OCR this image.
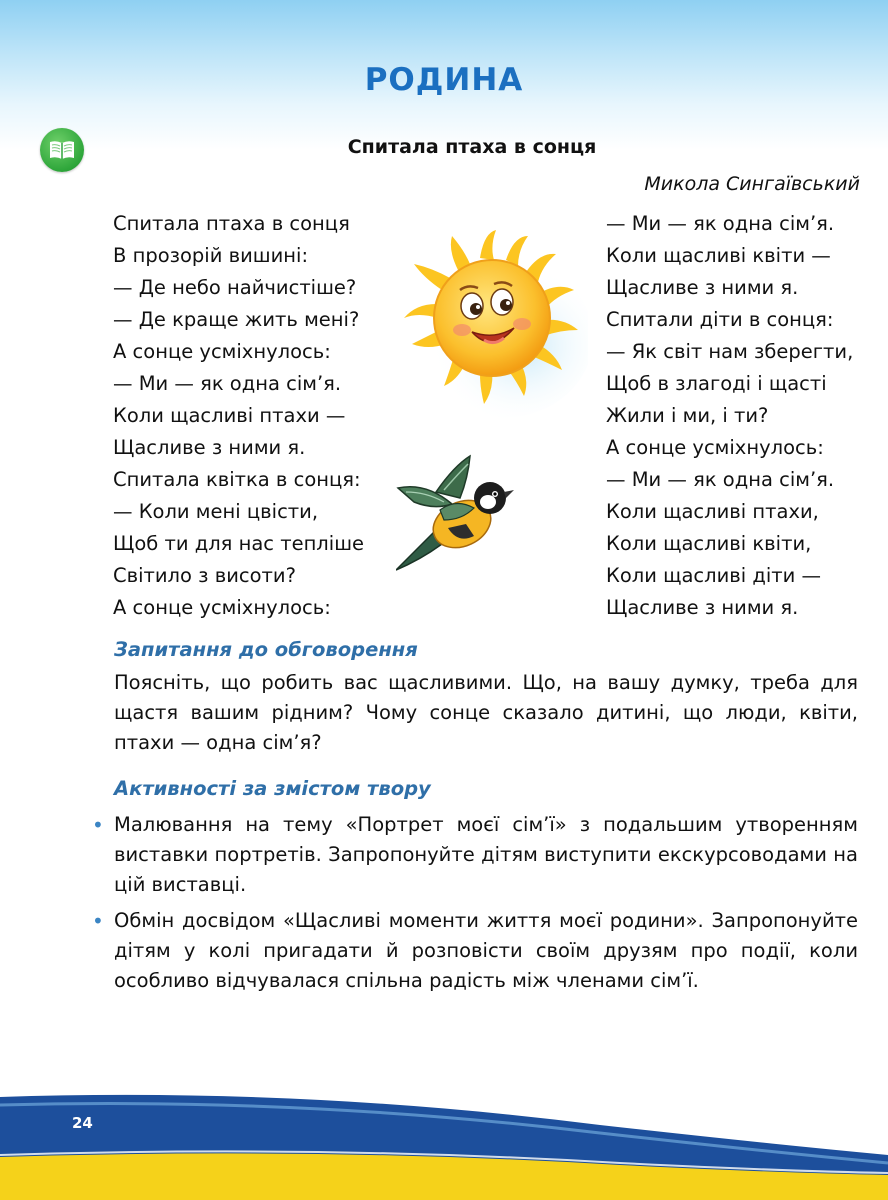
РОДИНА
Спитала птаха в сонця
Микола Сингаївський
Спитала птаха в сонця
В прозорій вишині:
— Де небо найчистіше?
— Де краще жить мені?
А сонце усміхнулось:
— Ми — як одна сім’я.
Коли щасливі птахи —
Щасливе з ними я.
Спитала квітка в сонця:
— Коли мені цвісти,
Щоб ти для нас тепліше
Світило з висоти?
А сонце усміхнулось:
— Ми — як одна сім’я.
Коли щасливі квіти —
Щасливе з ними я.
Спитали діти в сонця:
— Як світ нам зберегти,
Щоб в злагоді і щасті
Жили і ми, і ти?
А сонце усміхнулось:
— Ми — як одна сім’я.
Коли щасливі птахи,
Коли щасливі квіти,
Коли щасливі діти —
Щасливе з ними я.
Запитання до обговорення

Поясніть, що робить вас щасливими. Що, на вашу думку, треба для щастя вашим рідним? Чому сонце сказало дитині, що люди, квіти, птахи — одна сім’я?

Активності за змістом твору
• Малювання на тему «Портрет моєї сім’ї» з подальшим утворенням виставки портретів. Запропонуйте дітям виступити екскурсоводами на цій виставці.
• Обмін досвідом «Щасливі моменти життя моєї родини». Запропонуйте дітям у колі пригадати й розповісти своїм друзям про події, коли особливо відчувалася спільна радість між членами сім’ї.
24
